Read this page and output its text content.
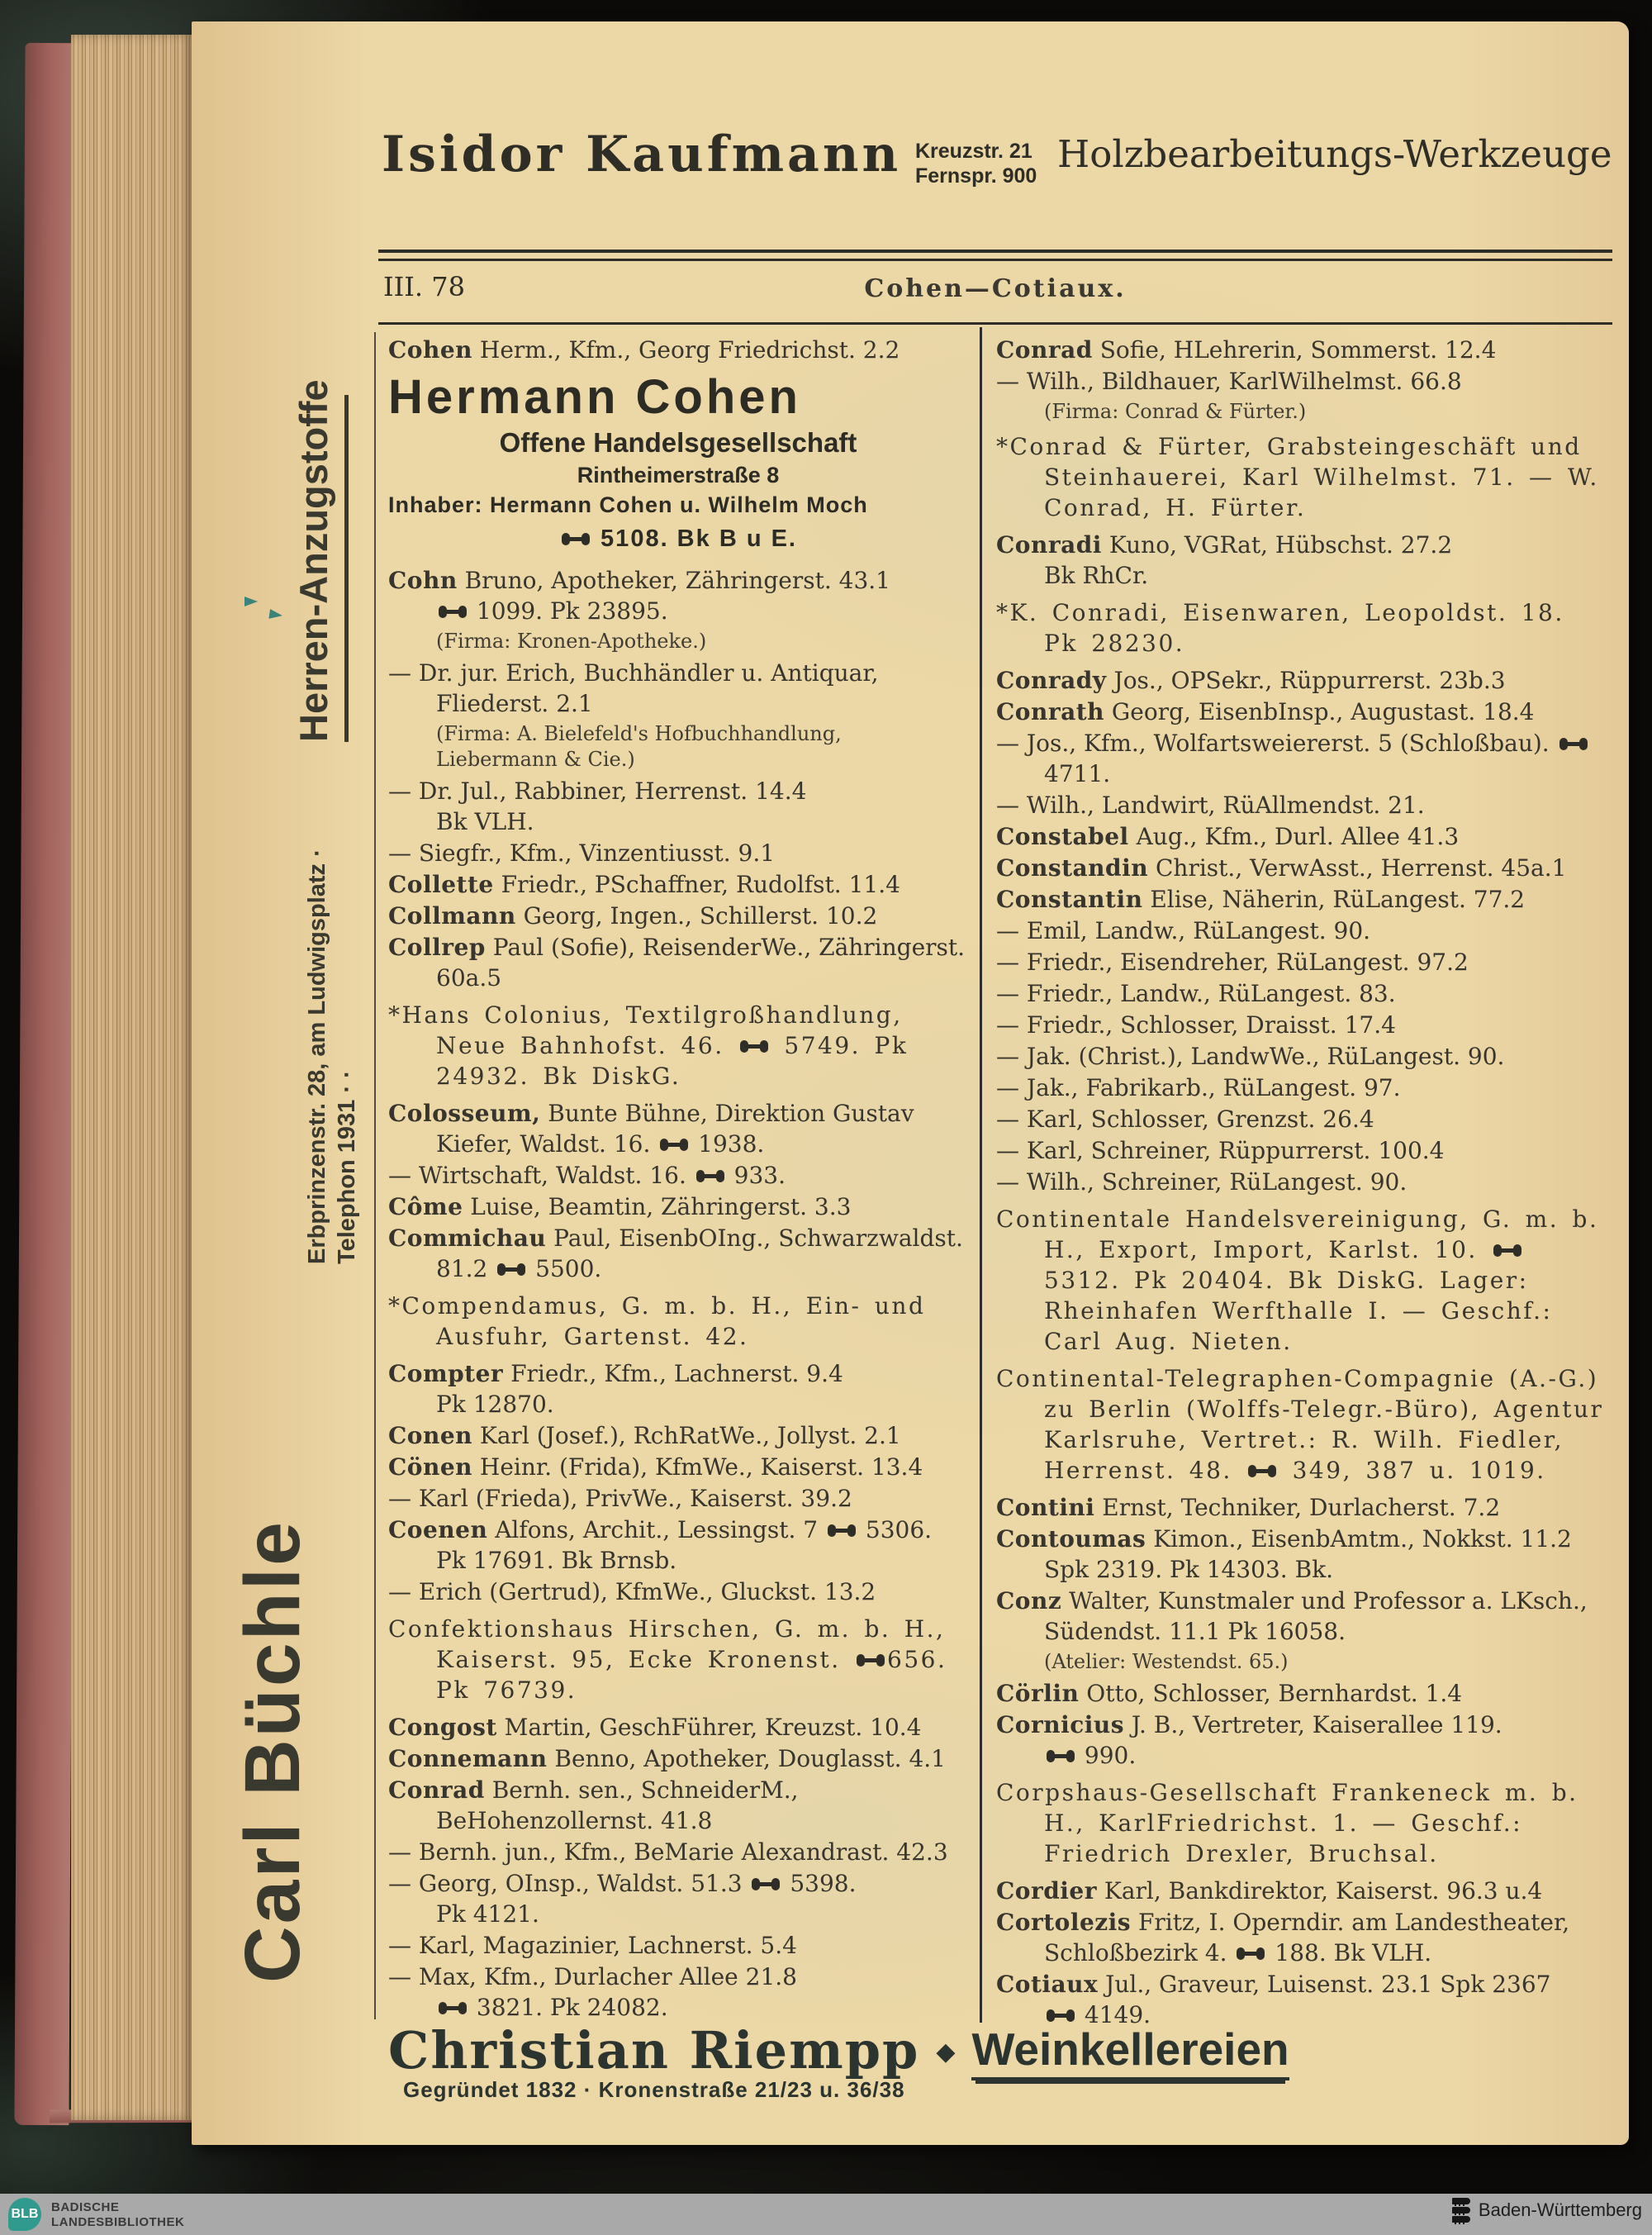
Isidor Kaufmann Kreuzstr. 21
Fernspr. 900 Holzbearbeitungs-Werkzeuge
III. 78	Cohen—Cotiaux.
Cohen Herm., Kfm., Georg Friedrichst. 2.2
Hermann Cohen
Offene Handelsgesellschaft
Rintheimerstraße 8
Inhaber: Hermann Cohen u. Wilhelm Moch
5108. Bk B u E.
Cohn Bruno, Apotheker, Zähringerst. 43.1
1099. Pk 23895.
(Firma: Kronen-Apotheke.)
— Dr. jur. Erich, Buchhändler u. Antiquar, Fliederst. 2.1
(Firma: A. Bielefeld's Hofbuchhandlung, Liebermann & Cie.)
— Dr. Jul., Rabbiner, Herrenst. 14.4
Bk VLH.
— Siegfr., Kfm., Vinzentiusst. 9.1
Collette Friedr., PSchaffner, Rudolfst. 11.4
Collmann Georg, Ingen., Schillerst. 10.2
Collrep Paul (Sofie), ReisenderWe., Zähringerst. 60a.5
*Hans Colonius, Textilgroßhandlung, Neue Bahnhofst. 46.  5749. Pk 24932. Bk DiskG.
Colosseum, Bunte Bühne, Direktion Gustav Kiefer, Waldst. 16.  1938.
— Wirtschaft, Waldst. 16.  933.
Côme Luise, Beamtin, Zähringerst. 3.3
Commichau Paul, EisenbOIng., Schwarzwaldst. 81.2  5500.
*Compendamus, G. m. b. H., Ein- und Ausfuhr, Gartenst. 42.
Compter Friedr., Kfm., Lachnerst. 9.4
Pk 12870.
Conen Karl (Josef.), RchRatWe., Jollyst. 2.1
Cönen Heinr. (Frida), KfmWe., Kaiserst. 13.4
— Karl (Frieda), PrivWe., Kaiserst. 39.2
Coenen Alfons, Archit., Lessingst. 7  5306.
Pk 17691. Bk Brnsb.
— Erich (Gertrud), KfmWe., Gluckst. 13.2
Confektionshaus Hirschen, G. m. b. H., Kaiserst. 95, Ecke Kronenst. 656. Pk 76739.
Congost Martin, GeschFührer, Kreuzst. 10.4
Connemann Benno, Apotheker, Douglasst. 4.1
Conrad Bernh. sen., SchneiderM., BeHohenzollernst. 41.8
— Bernh. jun., Kfm., BeMarie Alexandrast. 42.3
— Georg, OInsp., Waldst. 51.3  5398.
Pk 4121.
— Karl, Magazinier, Lachnerst. 5.4
— Max, Kfm., Durlacher Allee 21.8
3821. Pk 24082.
Conrad Sofie, HLehrerin, Sommerst. 12.4
— Wilh., Bildhauer, KarlWilhelmst. 66.8
(Firma: Conrad & Fürter.)
*Conrad & Fürter, Grabsteingeschäft und Steinhauerei, Karl Wilhelmst. 71. — W. Conrad, H. Fürter.
Conradi Kuno, VGRat, Hübschst. 27.2
Bk RhCr.
*K. Conradi, Eisenwaren, Leopoldst. 18. Pk 28230.
Conrady Jos., OPSekr., Rüppurrerst. 23b.3
Conrath Georg, EisenbInsp., Augustast. 18.4
— Jos., Kfm., Wolfartsweiererst. 5 (Schloßbau).  4711.
— Wilh., Landwirt, RüAllmendst. 21.
Constabel Aug., Kfm., Durl. Allee 41.3
Constandin Christ., VerwAsst., Herrenst. 45a.1
Constantin Elise, Näherin, RüLangest. 77.2
— Emil, Landw., RüLangest. 90.
— Friedr., Eisendreher, RüLangest. 97.2
— Friedr., Landw., RüLangest. 83.
— Friedr., Schlosser, Draisst. 17.4
— Jak. (Christ.), LandwWe., RüLangest. 90.
— Jak., Fabrikarb., RüLangest. 97.
— Karl, Schlosser, Grenzst. 26.4
— Karl, Schreiner, Rüppurrerst. 100.4
— Wilh., Schreiner, RüLangest. 90.
Continentale Handelsvereinigung, G. m. b. H., Export, Import, Karlst. 10.  5312. Pk 20404. Bk DiskG. Lager: Rheinhafen Werfthalle I. — Geschf.: Carl Aug. Nieten.
Continental-Telegraphen-Compagnie (A.-G.) zu Berlin (Wolffs-Telegr.-Büro), Agentur Karlsruhe, Vertret.: R. Wilh. Fiedler, Herrenst. 48.  349, 387 u. 1019.
Contini Ernst, Techniker, Durlacherst. 7.2
Contoumas Kimon., EisenbAmtm., Nokkst. 11.2
Spk 2319. Pk 14303. Bk.
Conz Walter, Kunstmaler und Professor a. LKsch., Südendst. 11.1 Pk 16058.
(Atelier: Westendst. 65.)
Cörlin Otto, Schlosser, Bernhardst. 1.4
Cornicius J. B., Vertreter, Kaiserallee 119.
990.
Corpshaus-Gesellschaft Frankeneck m. b. H., KarlFriedrichst. 1. — Geschf.: Friedrich Drexler, Bruchsal.
Cordier Karl, Bankdirektor, Kaiserst. 96.3 u.4
Cortolezis Fritz, I. Operndir. am Landestheater, Schloßbezirk 4.  188. Bk VLH.
Cotiaux Jul., Graveur, Luisenst. 23.1 Spk 2367
4149.
Herren-Anzugstoffe
Erbprinzenstr. 28, am Ludwigsplatz · Telephon 1931 · ·
Carl Büchle
Christian Riempp
Gegründet 1832 · Kronenstraße 21/23 u. 36/38
◆ Weinkellereien
BLB BADISCHE
LANDESBIBLIOTHEK
Baden-Württemberg
